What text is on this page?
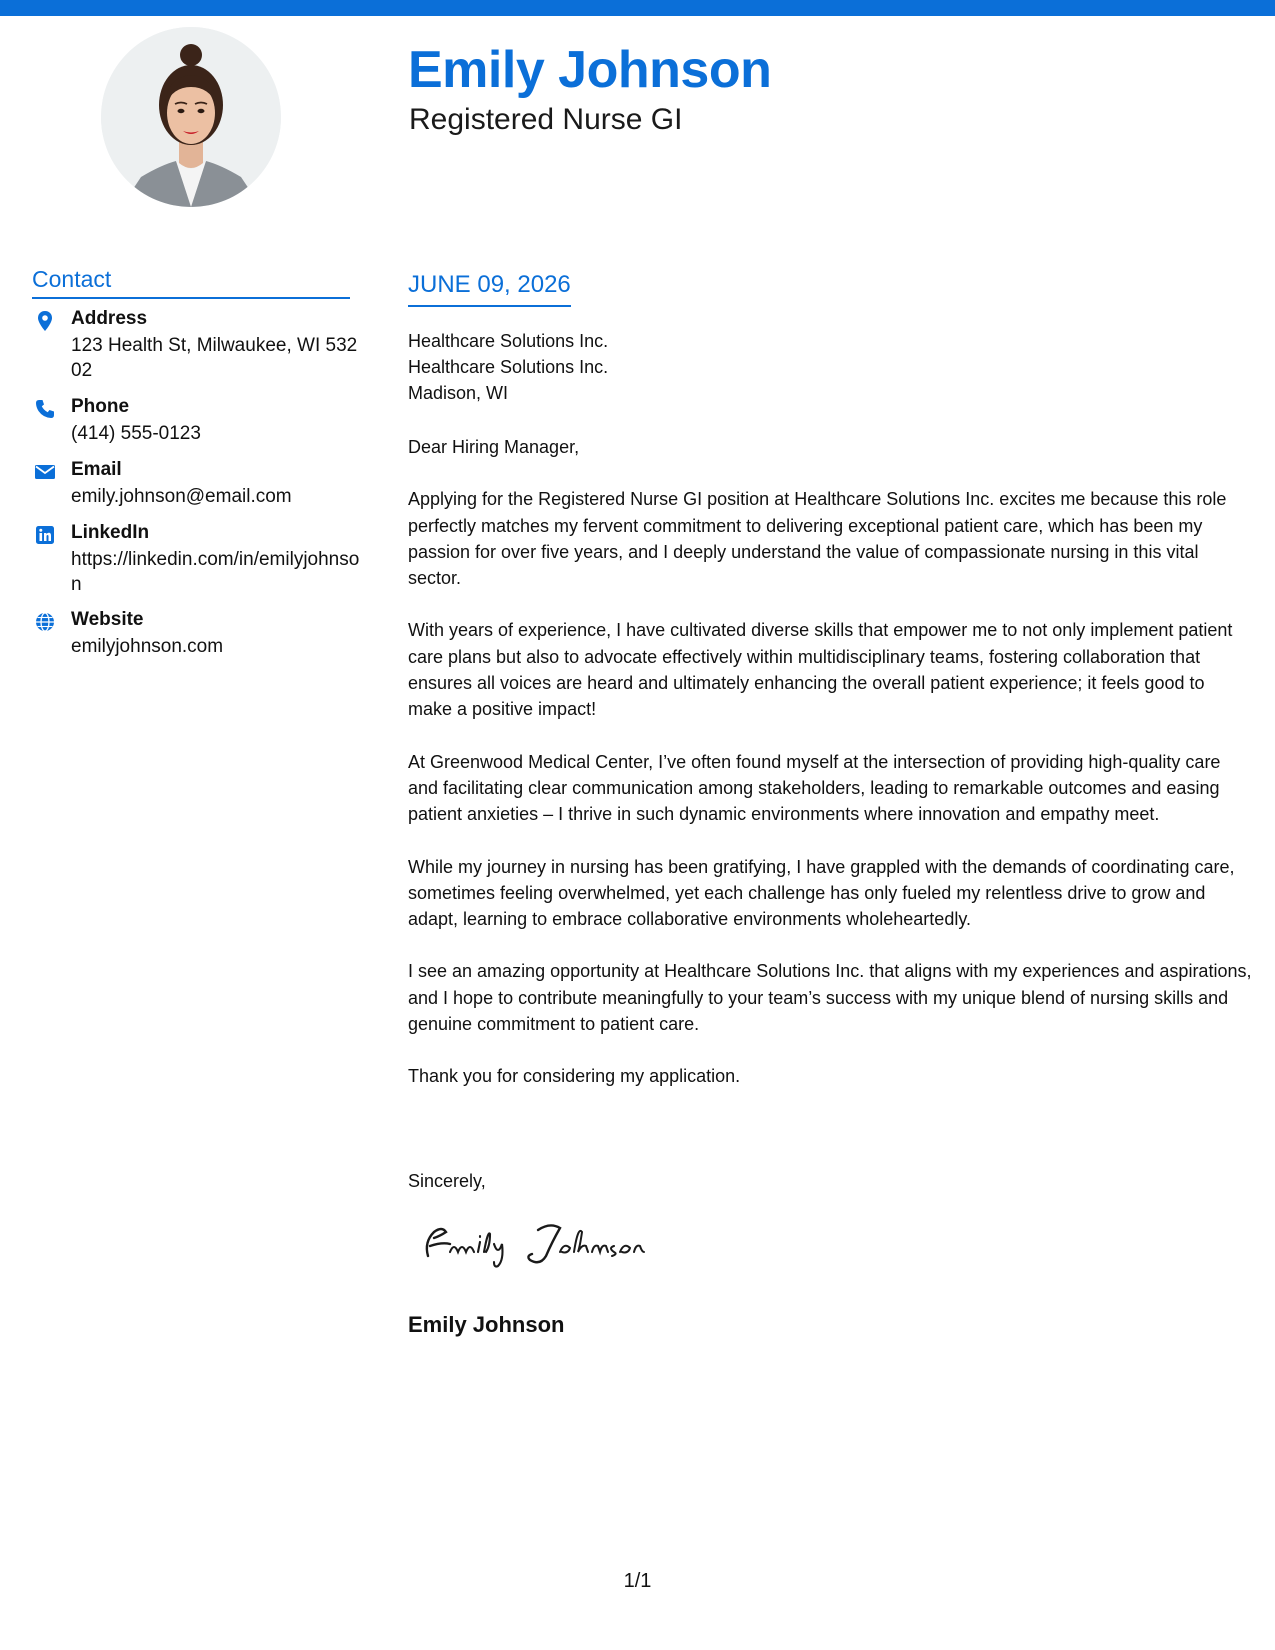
Emily Johnson
Registered Nurse GI
Contact
Address
123 Health St, Milwaukee, WI 53202
Phone
(414) 555-0123
Email
emily.johnson@email.com
LinkedIn
https://linkedin.com/in/emilyjohnson
Website
emilyjohnson.com
JUNE 09, 2026
Healthcare Solutions Inc.
Healthcare Solutions Inc.
Madison, WI

Dear Hiring Manager,

Applying for the Registered Nurse GI position at Healthcare Solutions Inc. excites me because this role perfectly matches my fervent commitment to delivering exceptional patient care, which has been my passion for over five years, and I deeply understand the value of compassionate nursing in this vital sector.

With years of experience, I have cultivated diverse skills that empower me to not only implement patient care plans but also to advocate effectively within multidisciplinary teams, fostering collaboration that ensures all voices are heard and ultimately enhancing the overall patient experience; it feels good to make a positive impact!

At Greenwood Medical Center, I’ve often found myself at the intersection of providing high-quality care and facilitating clear communication among stakeholders, leading to remarkable outcomes and easing patient anxieties – I thrive in such dynamic environments where innovation and empathy meet.

While my journey in nursing has been gratifying, I have grappled with the demands of coordinating care, sometimes feeling overwhelmed, yet each challenge has only fueled my relentless drive to grow and adapt, learning to embrace collaborative environments wholeheartedly.

I see an amazing opportunity at Healthcare Solutions Inc. that aligns with my experiences and aspirations, and I hope to contribute meaningfully to your team’s success with my unique blend of nursing skills and genuine commitment to patient care.

Thank you for considering my application.

Sincerely,
Emily Johnson
1/1
